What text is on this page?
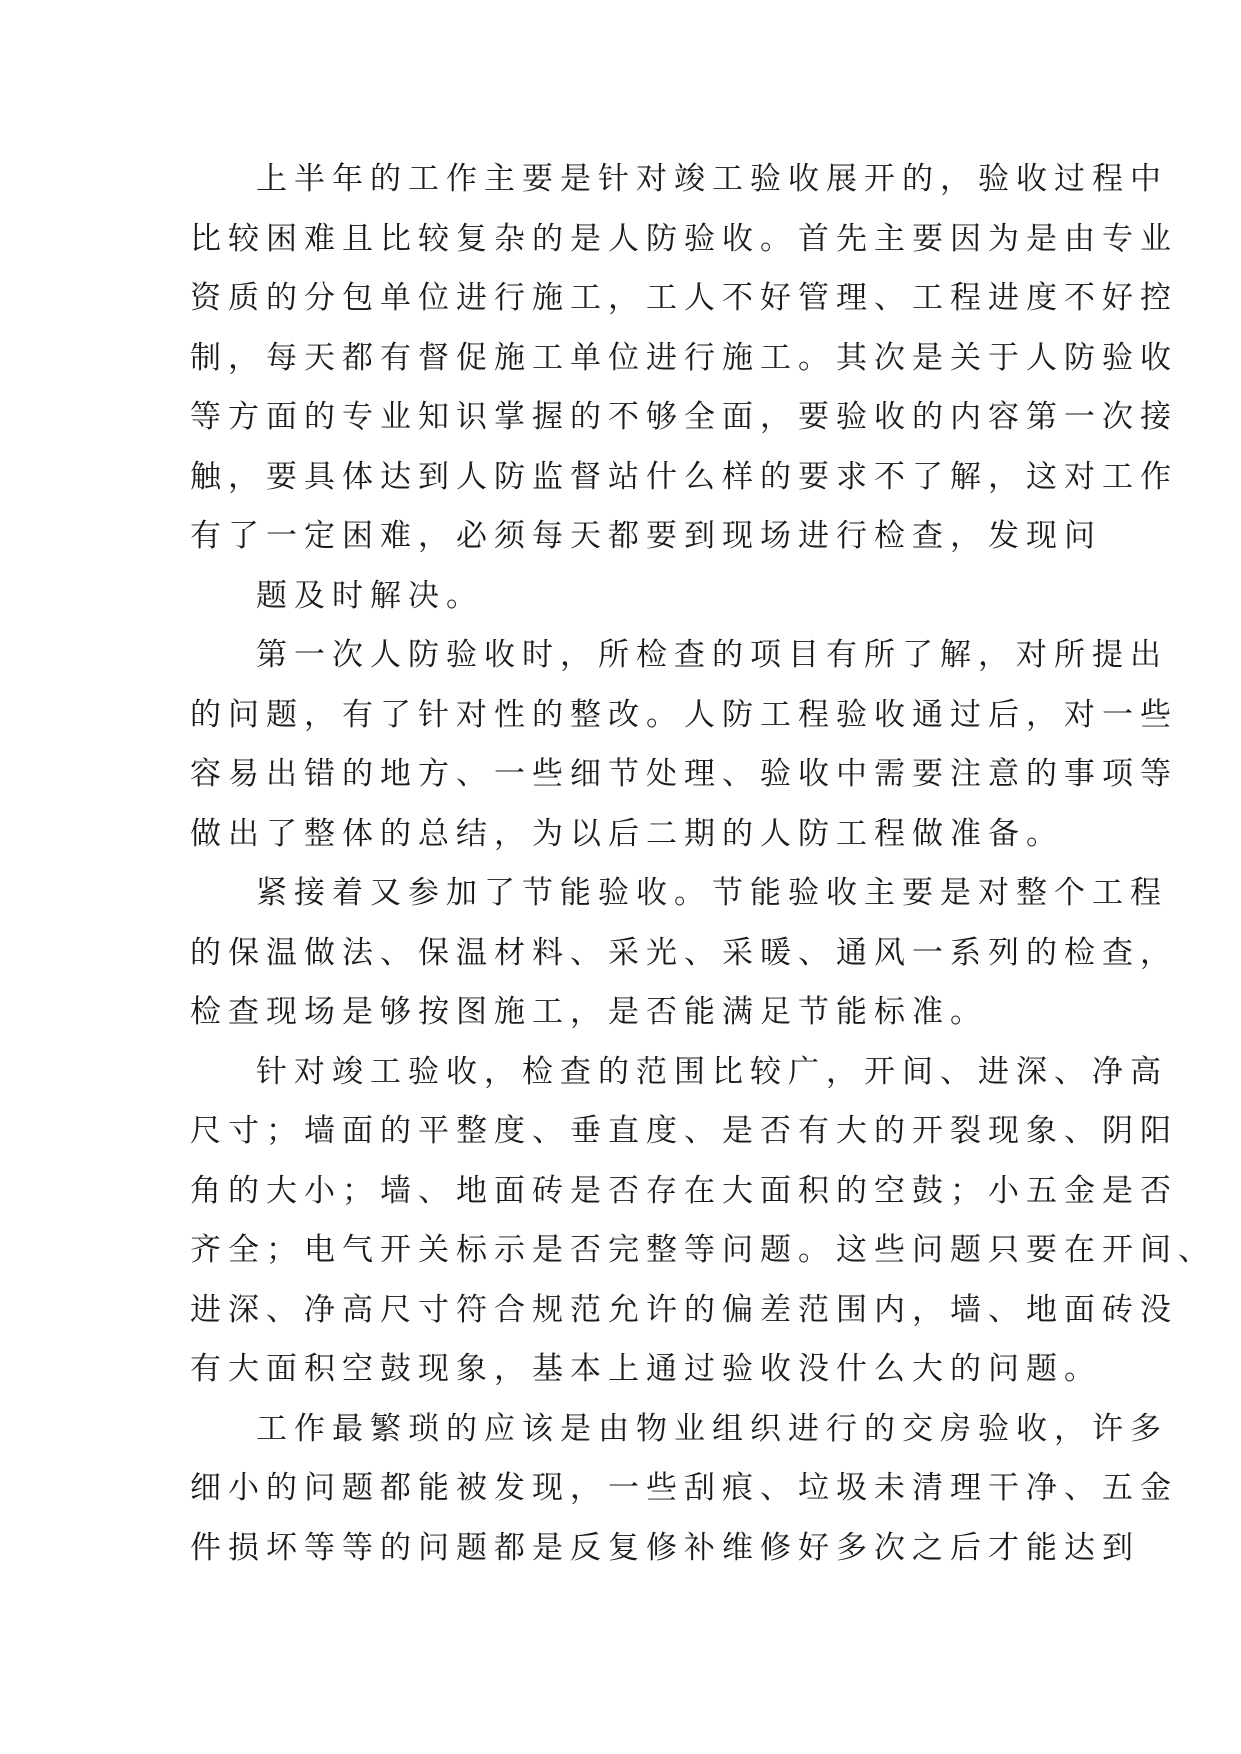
上半年的工作主要是针对竣工验收展开的，验收过程中
比较困难且比较复杂的是人防验收。首先主要因为是由专业
资质的分包单位进行施工，工人不好管理、工程进度不好控
制，每天都有督促施工单位进行施工。其次是关于人防验收
等方面的专业知识掌握的不够全面，要验收的内容第一次接
触，要具体达到人防监督站什么样的要求不了解，这对工作
有了一定困难，必须每天都要到现场进行检查，发现问
题及时解决。
第一次人防验收时，所检查的项目有所了解，对所提出
的问题，有了针对性的整改。人防工程验收通过后，对一些
容易出错的地方、一些细节处理、验收中需要注意的事项等
做出了整体的总结，为以后二期的人防工程做准备。
紧接着又参加了节能验收。节能验收主要是对整个工程
的保温做法、保温材料、采光、采暖、通风一系列的检查，
检查现场是够按图施工，是否能满足节能标准。
针对竣工验收，检查的范围比较广，开间、进深、净高
尺寸；墙面的平整度、垂直度、是否有大的开裂现象、阴阳
角的大小；墙、地面砖是否存在大面积的空鼓；小五金是否
齐全；电气开关标示是否完整等问题。这些问题只要在开间、
进深、净高尺寸符合规范允许的偏差范围内，墙、地面砖没
有大面积空鼓现象，基本上通过验收没什么大的问题。
工作最繁琐的应该是由物业组织进行的交房验收，许多
细小的问题都能被发现，一些刮痕、垃圾未清理干净、五金
件损坏等等的问题都是反复修补维修好多次之后才能达到
